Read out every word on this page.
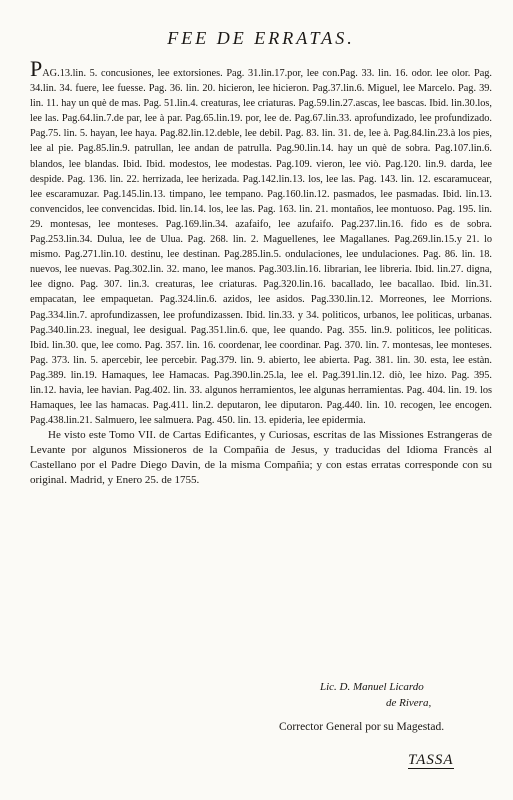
FEE DE ERRATAS.

PAG.13.lin. 5. concusiones, lee extorsiones. Pag. 31.lin.17.por, lee con.Pag. 33. lin. 16. odor. lee olor. Pag. 34.lin. 34. fuere, lee fuesse. Pag. 36. lin. 20. hicieron, lee hicieron. Pag.37.lin.6. Miguel, lee Marcelo. Pag. 39. lin. 11. hay un què de mas. Pag. 51.lin.4. creaturas, lee criaturas. Pag.59.lin.27.ascas, lee bascas. Ibid. lin.30.los, lee las. Pag.64.lin.7.de par, lee à par. Pag.65.lin.19. por, lee de. Pag.67.lin.33. aprofundizado, lee profundizado. Pag.75. lin. 5. hayan, lee haya. Pag.82.lin.12.deble, lee debil. Pag. 83. lin. 31. de, lee à. Pag.84.lin.23.à los pies, lee al pie. Pag.85.lin.9. patrullan, lee andan de patrulla. Pag.90.lin.14. hay un què de sobra. Pag.107.lin.6. blandos, lee blandas. Ibid. Ibid. modestos, lee modestas. Pag.109. vieron, lee viò. Pag.120. lin.9. darda, lee despide. Pag. 136. lin. 22. herrizada, lee herizada. Pag.142.lin.13. los, lee las. Pag. 143. lin. 12. escaramucear, lee escaramuzar. Pag.145.lin.13. timpano, lee tempano. Pag.160.lin.12. pasmados, lee pasmadas. Ibid. lin.13. convencidos, lee convencidas. Ibid. lin.14. los, lee las. Pag. 163. lin. 21. montaños, lee montuoso. Pag. 195. lin. 29. montesas, lee monteses. Pag.169.lin.34. azafaifo, lee azufaifo. Pag.237.lin.16. fido es de sobra. Pag.253.lin.34. Dulua, lee de Ulua. Pag. 268. lin. 2. Maguellenes, lee Magallanes. Pag.269.lin.15.y 21. lo mismo. Pag.271.lin.10. destinu, lee destinan. Pag.285.lin.5. ondulaciones, lee undulaciones. Pag. 86. lin. 18. nuevos, lee nuevas. Pag.302.lin. 32. mano, lee manos. Pag.303.lin.16. librarian, lee libreria. Ibid. lin.27. digna, lee digno. Pag. 307. lin.3. creaturas, lee criaturas. Pag.320.lin.16. bacallado, lee bacallao. Ibid. lin.31. empacatan, lee empaquetan. Pag.324.lin.6. azidos, lee asidos. Pag.330.lin.12. Morreones, lee Morrions. Pag.334.lin.7. aprofundizassen, lee profundizassen. Ibid. lin.33. y 34. politicos, urbanos, lee politicas, urbanas. Pag.340.lin.23. inegual, lee desigual. Pag.351.lin.6. que, lee quando. Pag. 355. lin.9. politicos, lee politicas. Ibid. lin.30. que, lee como. Pag. 357. lin. 16. coordenar, lee coordinar. Pag. 370. lin. 7. montesas, lee monteses. Pag. 373. lin. 5. apercebir, lee percebir. Pag.379. lin. 9. abierto, lee abierta. Pag. 381. lin. 30. esta, lee estàn. Pag.389. lin.19. Hamaques, lee Hamacas. Pag.390.lin.25.la, lee el. Pag.391.lin.12. diò, lee hizo. Pag. 395. lin.12. havia, lee havian. Pag.402. lin. 33. algunos herramientos, lee algunas herramientas. Pag. 404. lin. 19. los Hamaques, lee las hamacas. Pag.411. lin.2. deputaron, lee diputaron. Pag.440. lin. 10. recogen, lee encogen. Pag.438.lin.21. Salmuero, lee salmuera. Pag. 450. lin. 13. epideria, lee epidermia.

He visto este Tomo VII. de Cartas Edificantes, y Curiosas, escritas de las Missiones Estrangeras de Levante por algunos Missioneros de la Compañia de Jesus, y traducidas del Idioma Francès al Castellano por el Padre Diego Davin, de la misma Compañia; y con estas erratas corresponde con su original. Madrid, y Enero 25. de 1755.

Lic. D. Manuel Licardo
de Rivera,
Corrector General por su Magestad.
TASSA
